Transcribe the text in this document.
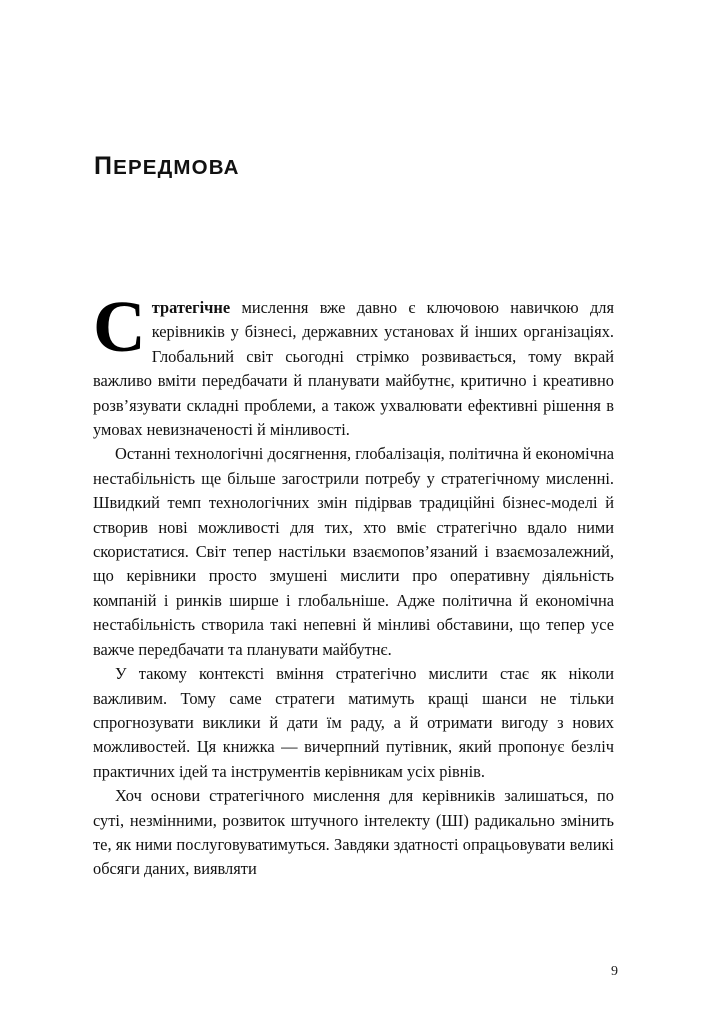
ПЕРЕДМОВА

Стратегічне мислення вже давно є ключовою навичкою для керівників у бізнесі, державних установах й інших організаціях. Глобальний світ сьогодні стрімко розвивається, тому вкрай важливо вміти передбачати й планувати майбутнє, критично і креативно розв’язувати складні проблеми, а також ухвалювати ефективні рішення в умовах невизначеності й мінливості.

Останні технологічні досягнення, глобалізація, політична й економічна нестабільність ще більше загострили потребу у стратегічному мисленні. Швидкий темп технологічних змін підірвав традиційні бізнес-моделі й створив нові можливості для тих, хто вміє стратегічно вдало ними скористатися. Світ тепер настільки взаємопов’язаний і взаємозалежний, що керівники просто змушені мислити про оперативну діяльність компаній і ринків ширше і глобальніше. Адже політична й економічна нестабільність створила такі непевні й мінливі обставини, що тепер усе важче передбачати та планувати майбутнє.

У такому контексті вміння стратегічно мислити стає як ніколи важливим. Тому саме стратеги матимуть кращі шанси не тільки спрогнозувати виклики й дати їм раду, а й отримати вигоду з нових можливостей. Ця книжка — вичерпний путівник, який пропонує безліч практичних ідей та інструментів керівникам усіх рівнів.

Хоч основи стратегічного мислення для керівників залишаться, по суті, незмінними, розвиток штучного інтелекту (ШІ) радикально змінить те, як ними послуговуватимуться. Завдяки здатності опрацьовувати великі обсяги даних, виявляти

9
